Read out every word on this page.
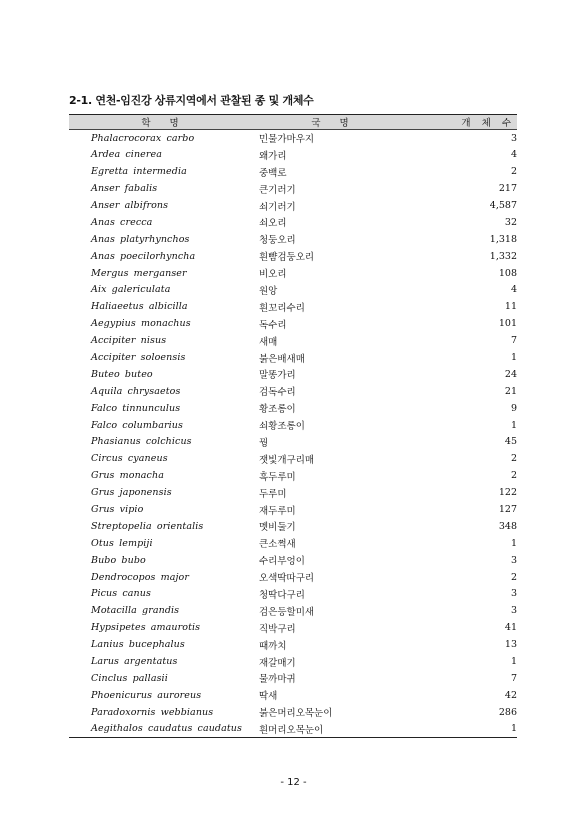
2-1. 연천-임진강 상류지역에서 관찰된 종 및 개체수
학 명	국 명	개 체 수
Phalacrocorax carbo	민물가마우지	3
Ardea cinerea	왜가리	4
Egretta intermedia	중백로	2
Anser fabalis	큰기러기	217
Anser albifrons	쇠기러기	4,587
Anas crecca	쇠오리	32
Anas platyrhynchos	청둥오리	1,318
Anas poecilorhyncha	흰뺨검둥오리	1,332
Mergus merganser	비오리	108
Aix galericulata	원앙	4
Haliaeetus albicilla	흰꼬리수리	11
Aegypius monachus	독수리	101
Accipiter nisus	새매	7
Accipiter soloensis	붉은배새매	1
Buteo buteo	말똥가리	24
Aquila chrysaetos	검독수리	21
Falco tinnunculus	황조롱이	9
Falco columbarius	쇠황조롱이	1
Phasianus colchicus	꿩	45
Circus cyaneus	잿빛개구리매	2
Grus monacha	흑두루미	2
Grus japonensis	두루미	122
Grus vipio	재두루미	127
Streptopelia orientalis	멧비둘기	348
Otus lempiji	큰소쩍새	1
Bubo bubo	수리부엉이	3
Dendrocopos major	오색딱따구리	2
Picus canus	청딱다구리	3
Motacilla grandis	검은등할미새	3
Hypsipetes amaurotis	직박구리	41
Lanius bucephalus	때까치	13
Larus argentatus	재갈매기	1
Cinclus pallasii	물까마귀	7
Phoenicurus auroreus	딱새	42
Paradoxornis webbianus	붉은머리오목눈이	286
Aegithalos caudatus caudatus	흰머리오목눈이	1
- 12 -
